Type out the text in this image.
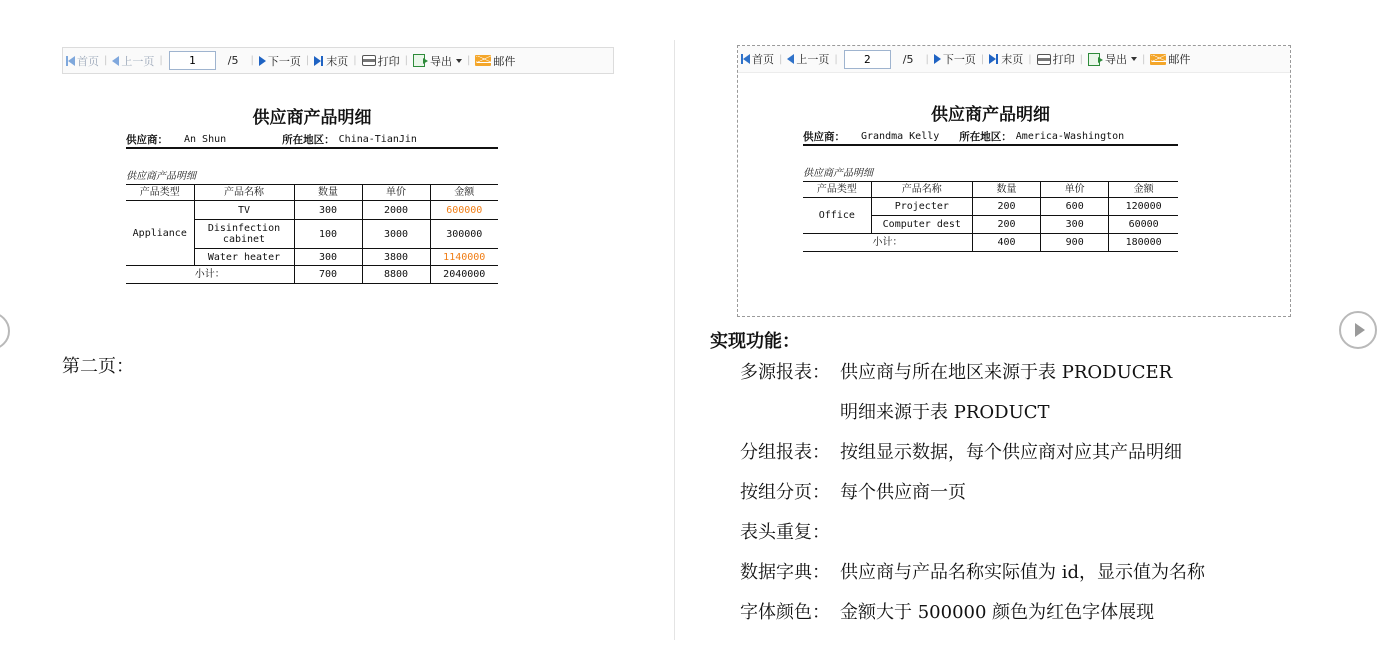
首页 | 上一页 |
1	/5	| 下一页 | 末页 | 打印 | 导出 | 邮件
供应商产品明细
供应商： An Shun	所在地区： China-TianJin
供应商产品明细
产品类型	产品名称	数量	单价	金额
Appliance	TV	300	2000	600000
	Disinfection cabinet	100	3000	300000
	Water heater	300	3800	1140000
小计：		700	8800	2040000
第二页：
首页 | 上一页 |
2	/5	| 下一页 | 末页 | 打印 | 导出 | 邮件
供应商产品明细
供应商： Grandma Kelly 所在地区： America-Washington
供应商产品明细
产品类型	产品名称	数量	单价	金额
Office	Projecter	200	600	120000
	Computer dest	200	300	60000
小计：		400	900	180000
实现功能：
多源报表： 供应商与所在地区来源于表 PRODUCER
明细来源于表 PRODUCT
分组报表： 按组显示数据，每个供应商对应其产品明细
按组分页： 每个供应商一页
表头重复：
数据字典： 供应商与产品名称实际值为 id，显示值为名称
字体颜色： 金额大于 500000 颜色为红色字体展现
